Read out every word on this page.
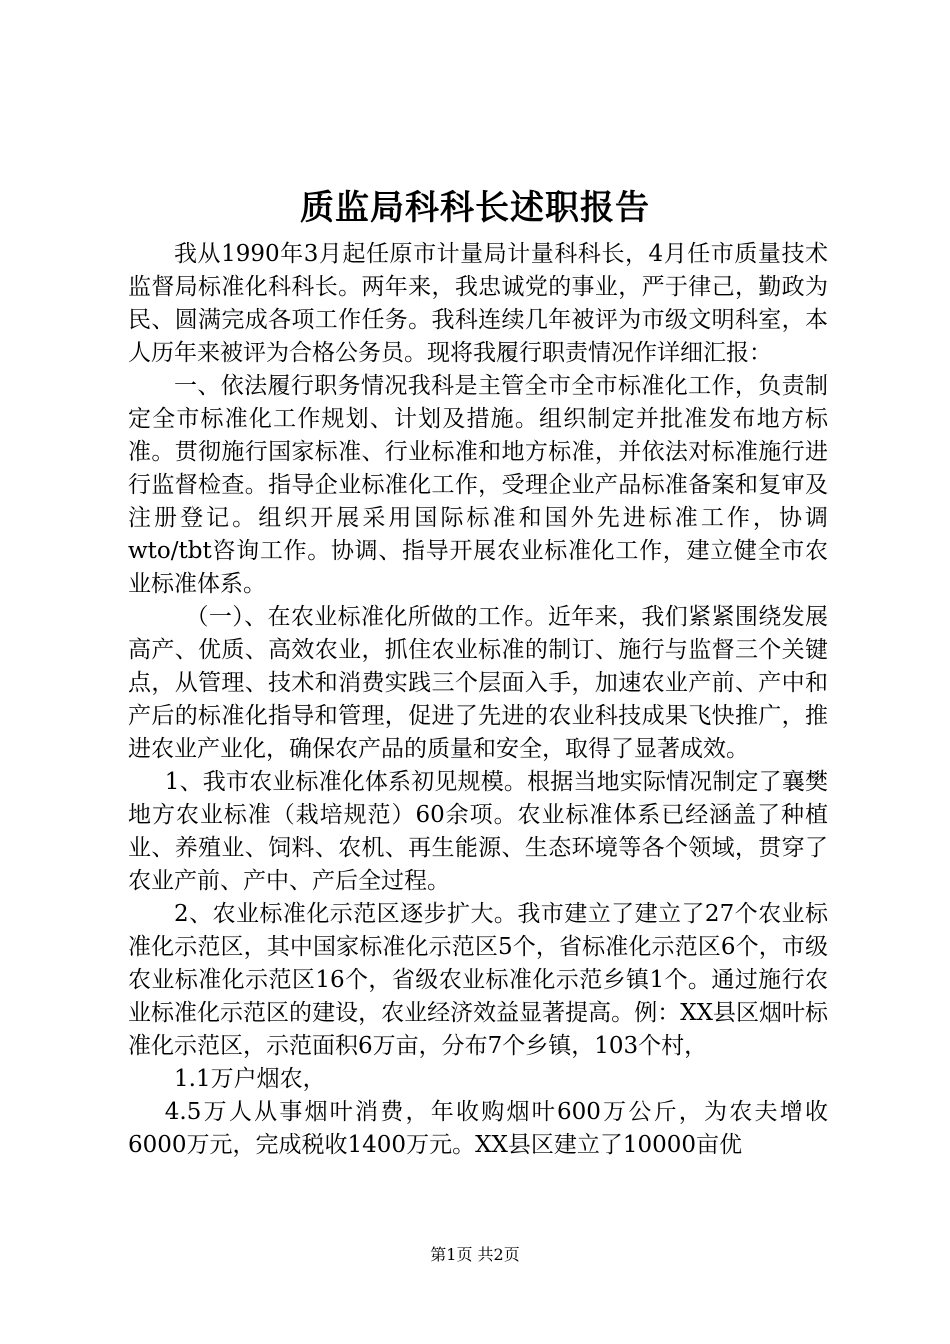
质监局科科长述职报告

我从1990年3月起任原市计量局计量科科长，4月任市质量技术监督局标准化科科长。两年来，我忠诚党的事业，严于律己，勤政为民、圆满完成各项工作任务。我科连续几年被评为市级文明科室，本人历年来被评为合格公务员。现将我履行职责情况作详细汇报：

一、依法履行职务情况我科是主管全市全市标准化工作，负责制定全市标准化工作规划、计划及措施。组织制定并批准发布地方标准。贯彻施行国家标准、行业标准和地方标准，并依法对标准施行进行监督检查。指导企业标准化工作，受理企业产品标准备案和复审及注册登记。组织开展采用国际标准和国外先进标准工作，协调wto/tbt咨询工作。协调、指导开展农业标准化工作，建立健全市农业标准体系。

（一）、在农业标准化所做的工作。近年来，我们紧紧围绕发展高产、优质、高效农业，抓住农业标准的制订、施行与监督三个关键点，从管理、技术和消费实践三个层面入手，加速农业产前、产中和产后的标准化指导和管理，促进了先进的农业科技成果飞快推广，推进农业产业化，确保农产品的质量和安全，取得了显著成效。

1、我市农业标准化体系初见规模。根据当地实际情况制定了襄樊地方农业标准（栽培规范）60余项。农业标准体系已经涵盖了种植业、养殖业、饲料、农机、再生能源、生态环境等各个领域，贯穿了农业产前、产中、产后全过程。

2、农业标准化示范区逐步扩大。我市建立了建立了27个农业标准化示范区，其中国家标准化示范区5个，省标准化示范区6个，市级农业标准化示范区16个，省级农业标准化示范乡镇1个。通过施行农业标准化示范区的建设，农业经济效益显著提高。例：XX县区烟叶标准化示范区，示范面积6万亩，分布7个乡镇，103个村，

1.1万户烟农，

4.5万人从事烟叶消费，年收购烟叶600万公斤，为农夫增收6000万元，完成税收1400万元。XX县区建立了10000亩优

第1页 共2页
